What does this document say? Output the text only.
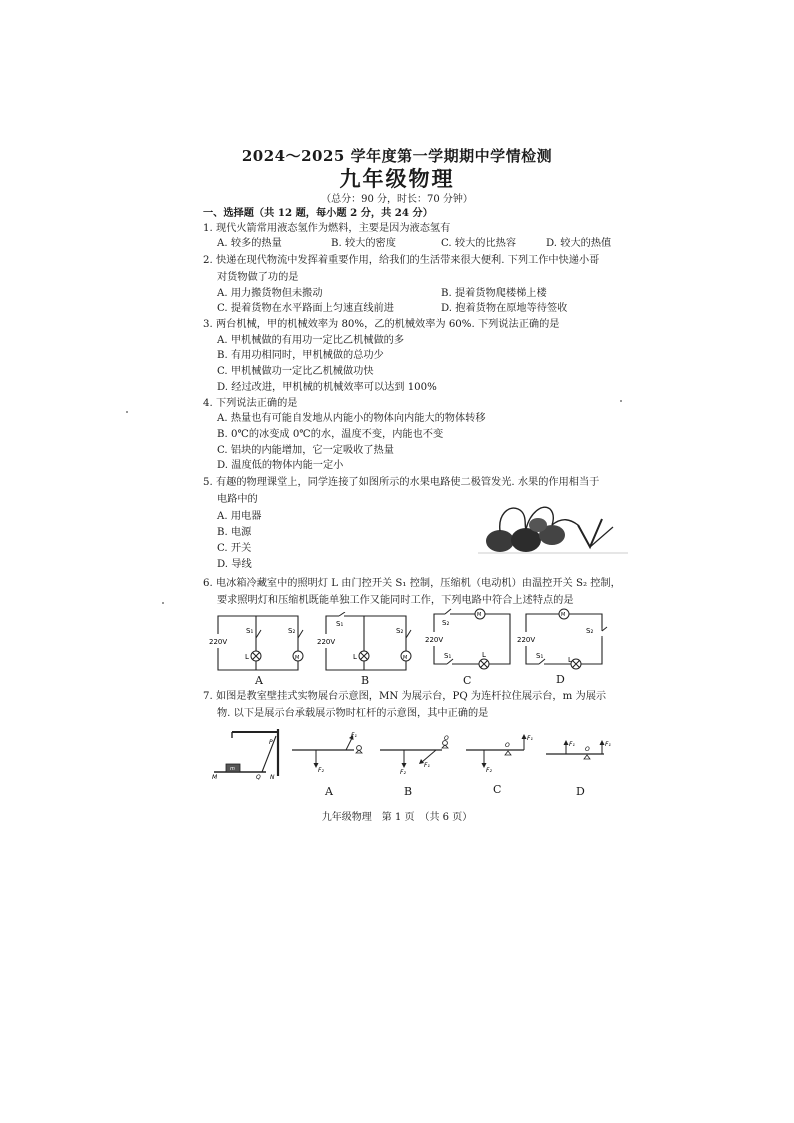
2024～2025 学年度第一学期期中学情检测
九年级物理
（总分：90 分，时长：70 分钟）
一、选择题（共 12 题，每小题 2 分，共 24 分）
1. 现代火箭常用液态氢作为燃料，主要是因为液态氢有
A. 较多的热量	B. 较大的密度	C. 较大的比热容	D. 较大的热值
2. 快递在现代物流中发挥着重要作用，给我们的生活带来很大便利. 下列工作中快递小哥
对货物做了功的是
A. 用力搬货物但未搬动	B. 提着货物爬楼梯上楼
C. 提着货物在水平路面上匀速直线前进	D. 抱着货物在原地等待签收
3. 两台机械，甲的机械效率为 80%，乙的机械效率为 60%. 下列说法正确的是
A. 甲机械做的有用功一定比乙机械做的多
B. 有用功相同时，甲机械做的总功少
C. 甲机械做功一定比乙机械做功快
D. 经过改进，甲机械的机械效率可以达到 100%
4. 下列说法正确的是
A. 热量也有可能自发地从内能小的物体向内能大的物体转移
B. 0℃的冰变成 0℃的水，温度不变，内能也不变
C. 铝块的内能增加，它一定吸收了热量
D. 温度低的物体内能一定小
5. 有趣的物理课堂上，同学连接了如图所示的水果电路使二极管发光. 水果的作用相当于
电路中的
A. 用电器
B. 电源
C. 开关
D. 导线
6. 电冰箱冷藏室中的照明灯 L 由门控开关 S₁ 控制，压缩机（电动机）由温控开关 S₂ 控制，
要求照明灯和压缩机既能单独工作又能同时工作，下列电路中符合上述特点的是
220V
S₁	S₂
L	M
A
220V
S₁
S₂
L	M
B
220V
S₂
M
S₁	L
C
220V
M
S₂
S₁	L
D
7. 如图是教室壁挂式实物展台示意图，MN 为展示台，PQ 为连杆拉住展示台，m 为展示
物. 以下是展示台承载展示物时杠杆的示意图，其中正确的是
P
Q
M	N
m
F₁
F₂
A
O
F₁
F₂
B
O
F₁
F₂
C
O
F₁	F₁
D
九年级物理　第 1 页　（共 6 页）
